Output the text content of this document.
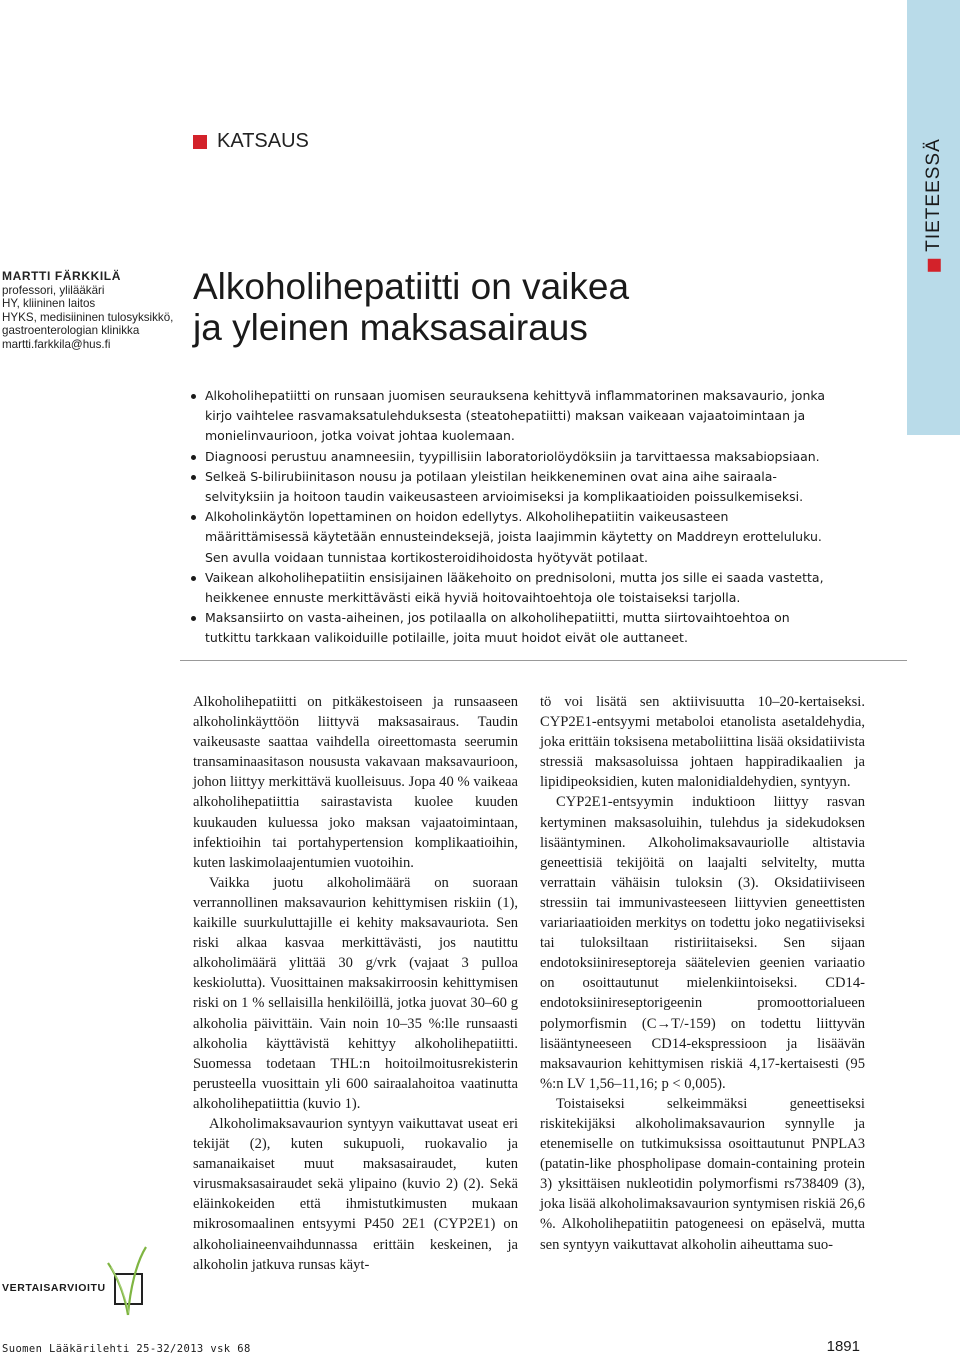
TIETEESSÄ
KATSAUS
MARTTI FÄRKKILÄ
professori, ylilääkäri
HY, kliininen laitos
HYKS, medisiininen tulosyksikkö,
gastroenterologian klinikka
martti.farkkila@hus.fi
Alkoholihepatiitti on vaikea
ja yleinen maksasairaus
Alkoholihepatiitti on runsaan juomisen seurauksena kehittyvä inflammatorinen maksavaurio, jonka
kirjo vaihtelee rasvamaksatulehduksesta (steatohepatiitti) maksan vaikeaan vajaatoimintaan ja
monielinvaurioon, jotka voivat johtaa kuolemaan.
Diagnoosi perustuu anamneesiin, tyypillisiin laboratoriolöydöksiin ja tarvittaessa maksabiopsiaan.
Selkeä S-bilirubiinitason nousu ja potilaan yleistilan heikkeneminen ovat aina aihe sairaala-
selvityksiin ja hoitoon taudin vaikeusasteen arvioimiseksi ja komplikaatioiden poissulkemiseksi.
Alkoholinkäytön lopettaminen on hoidon edellytys. Alkoholihepatiitin vaikeusasteen
määrittämisessä käytetään ennusteindeksejä, joista laajimmin käytetty on Maddreyn erotteluluku.
Sen avulla voidaan tunnistaa kortikosteroidihoidosta hyötyvät potilaat.
Vaikean alkoholihepatiitin ensisijainen lääkehoito on prednisoloni, mutta jos sille ei saada vastetta,
heikkenee ennuste merkittävästi eikä hyviä hoitovaihtoehtoja ole toistaiseksi tarjolla.
Maksansiirto on vasta-aiheinen, jos potilaalla on alkoholihepatiitti, mutta siirtovaihtoehtoa on
tutkittu tarkkaan valikoiduille potilaille, joita muut hoidot eivät ole auttaneet.

Alkoholihepatiitti on pitkäkestoiseen ja runsaaseen alkoholinkäyttöön liittyvä maksasairaus. Taudin vaikeusaste saattaa vaihdella oireettomasta seerumin transaminaasitason noususta vakavaan maksavaurioon, johon liittyy merkittävä kuolleisuus. Jopa 40 % vaikeaa alkoholihepatiittia sairastavista kuolee kuuden kuukauden kuluessa joko maksan vajaatoimintaan, infektioihin tai portahypertension komplikaatioihin, kuten laskimolaajentumien vuotoihin.

Vaikka juotu alkoholimäärä on suoraan verrannollinen maksavaurion kehittymisen riskiin (1), kaikille suurkuluttajille ei kehity maksavauriota. Sen riski alkaa kasvaa merkittävästi, jos nautittu alkoholimäärä ylittää 30 g/vrk (vajaat 3 pulloa keskiolutta). Vuosittainen maksakirroosin kehittymisen riski on 1 % sellaisilla henkilöillä, jotka juovat 30–60 g alkoholia päivittäin. Vain noin 10–35 %:lle runsaasti alkoholia käyttävistä kehittyy alkoholihepatiitti. Suomessa todetaan THL:n hoitoilmoitusrekisterin perusteella vuosittain yli 600 sairaalahoitoa vaatinutta alkoholihepatiittia (kuvio 1).

Alkoholimaksavaurion syntyyn vaikuttavat useat eri tekijät (2), kuten sukupuoli, ruokavalio ja samanaikaiset muut maksasairaudet, kuten virusmaksasairaudet sekä ylipaino (kuvio 2) (2). Sekä eläinkokeiden että ihmistutkimusten mukaan mikrosomaalinen entsyymi P450 2E1 (CYP2E1) on alkoholiaineenvaihdunnassa erittäin keskeinen, ja alkoholin jatkuva runsas käyt-

tö voi lisätä sen aktiivisuutta 10–20-kertaiseksi. CYP2E1-entsyymi metaboloi etanolista asetaldehydia, joka erittäin toksisena metaboliittina lisää oksidatiivista stressiä maksasoluissa johtaen happiradikaalien ja lipidipeoksidien, kuten malonidialdehydien, syntyyn.

CYP2E1-entsyymin induktioon liittyy rasvan kertyminen maksasoluihin, tulehdus ja sidekudoksen lisääntyminen. Alkoholimaksavauriolle altistavia geneettisiä tekijöitä on laajalti selvitelty, mutta verrattain vähäisin tuloksin (3). Oksidatiiviseen stressiin tai immunivasteeseen liittyvien geneettisten variariaatioiden merkitys on todettu joko negatiiviseksi tai tuloksiltaan ristiriitaiseksi. Sen sijaan endotoksiinireseptoreja säätelevien geenien variaatio on osoittautunut mielenkiintoiseksi. CD14-endotoksiinireseptorigeenin promoottorialueen polymorfismin (C→T/-159) on todettu liittyvän lisääntyneeseen CD14-ekspressioon ja lisäävän maksavaurion kehittymisen riskiä 4,17-kertaisesti (95 %:n LV 1,56–11,16; p < 0,005).

Toistaiseksi selkeimmäksi geneettiseksi riskitekijäksi alkoholimaksavaurion synnylle ja etenemiselle on tutkimuksissa osoittautunut PNPLA3 (patatin-like phospholipase domain-containing protein 3) yksittäisen nukleotidin polymorfismi rs738409 (3), joka lisää alkoholimaksavaurion syntymisen riskiä 26,6 %. Alkoholihepatiitin patogeneesi on epäselvä, mutta sen syntyyn vaikuttavat alkoholin aiheuttama suo-

VERTAISARVIOITU
Suomen Lääkärilehti 25-32/2013 vsk 68	1891
